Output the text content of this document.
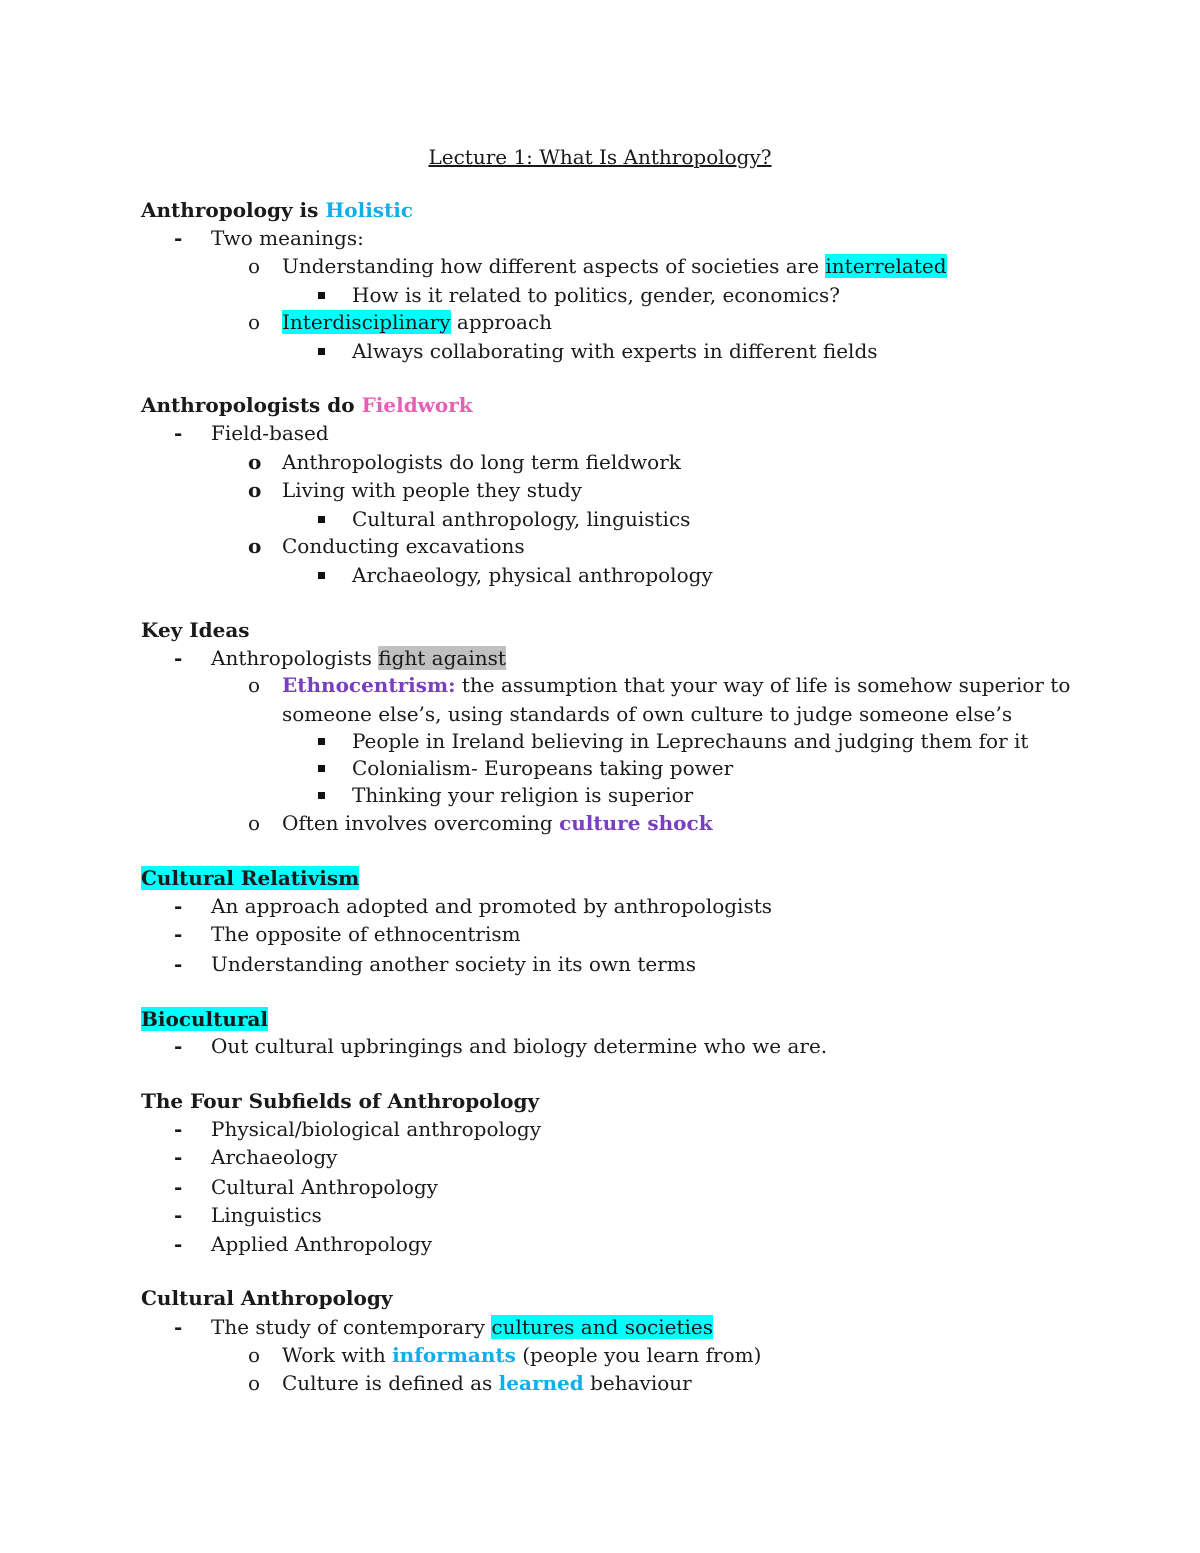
Lecture 1: What Is Anthropology?
Anthropology is Holistic
- Two meanings:
o Understanding how different aspects of societies are interrelated
How is it related to politics, gender, economics?
o Interdisciplinary approach
Always collaborating with experts in different fields
Anthropologists do Fieldwork
- Field-based
o Anthropologists do long term fieldwork
o Living with people they study
Cultural anthropology, linguistics
o Conducting excavations
Archaeology, physical anthropology
Key Ideas
- Anthropologists fight against
o Ethnocentrism: the assumption that your way of life is somehow superior to
someone else’s, using standards of own culture to judge someone else’s
People in Ireland believing in Leprechauns and judging them for it
Colonialism- Europeans taking power
Thinking your religion is superior
o Often involves overcoming culture shock
Cultural Relativism
- An approach adopted and promoted by anthropologists
- The opposite of ethnocentrism
- Understanding another society in its own terms
Biocultural
- Out cultural upbringings and biology determine who we are.
The Four Subfields of Anthropology
- Physical/biological anthropology
- Archaeology
- Cultural Anthropology
- Linguistics
- Applied Anthropology
Cultural Anthropology
- The study of contemporary cultures and societies
o Work with informants (people you learn from)
o Culture is defined as learned behaviour
